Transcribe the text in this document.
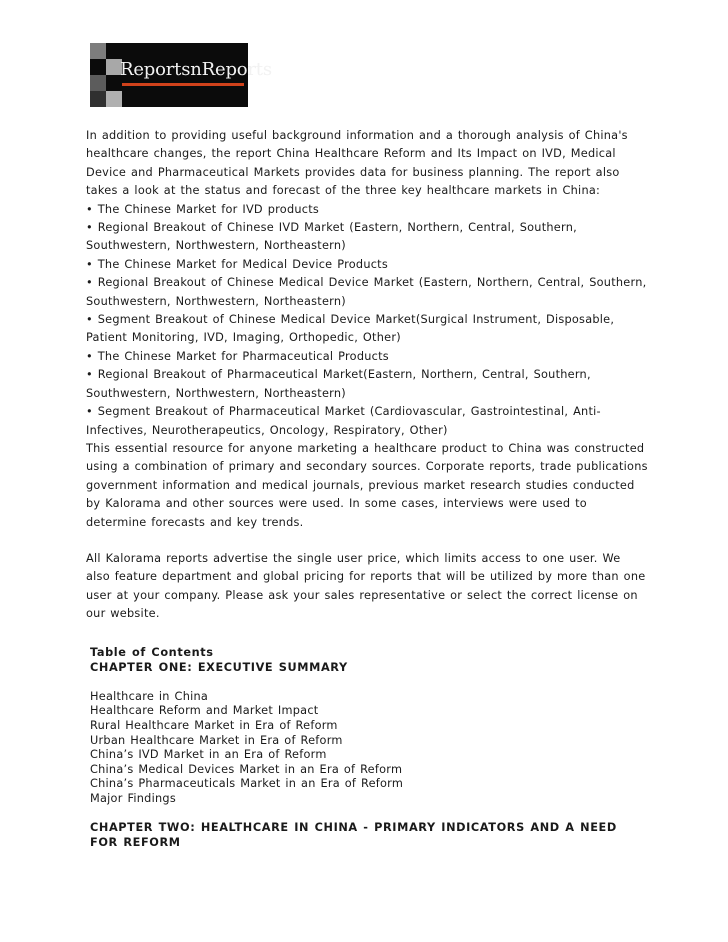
ReportsnReports

In addition to providing useful background information and a thorough analysis of China's healthcare changes, the report China Healthcare Reform and Its Impact on IVD, Medical Device and Pharmaceutical Markets provides data for business planning. The report also takes a look at the status and forecast of the three key healthcare markets in China:

• The Chinese Market for IVD products

• Regional Breakout of Chinese IVD Market (Eastern, Northern, Central, Southern, Southwestern, Northwestern, Northeastern)

• The Chinese Market for Medical Device Products

• Regional Breakout of Chinese Medical Device Market (Eastern, Northern, Central, Southern, Southwestern, Northwestern, Northeastern)

• Segment Breakout of Chinese Medical Device Market(Surgical Instrument, Disposable, Patient Monitoring, IVD, Imaging, Orthopedic, Other)

• The Chinese Market for Pharmaceutical Products

• Regional Breakout of Pharmaceutical Market(Eastern, Northern, Central, Southern, Southwestern, Northwestern, Northeastern)

• Segment Breakout of Pharmaceutical Market (Cardiovascular, Gastrointestinal, Anti-Infectives, Neurotherapeutics, Oncology, Respiratory, Other)

This essential resource for anyone marketing a healthcare product to China was constructed using a combination of primary and secondary sources. Corporate reports, trade publications government information and medical journals, previous market research studies conducted by Kalorama and other sources were used. In some cases, interviews were used to determine forecasts and key trends.

All Kalorama reports advertise the single user price, which limits access to one user. We also feature department and global pricing for reports that will be utilized by more than one user at your company. Please ask your sales representative or select the correct license on our website.

Table of Contents

CHAPTER ONE: EXECUTIVE SUMMARY

Healthcare in China

Healthcare Reform and Market Impact

Rural Healthcare Market in Era of Reform

Urban Healthcare Market in Era of Reform

China’s IVD Market in an Era of Reform

China’s Medical Devices Market in an Era of Reform

China’s Pharmaceuticals Market in an Era of Reform

Major Findings

CHAPTER TWO: HEALTHCARE IN CHINA - PRIMARY INDICATORS AND A NEED FOR REFORM
